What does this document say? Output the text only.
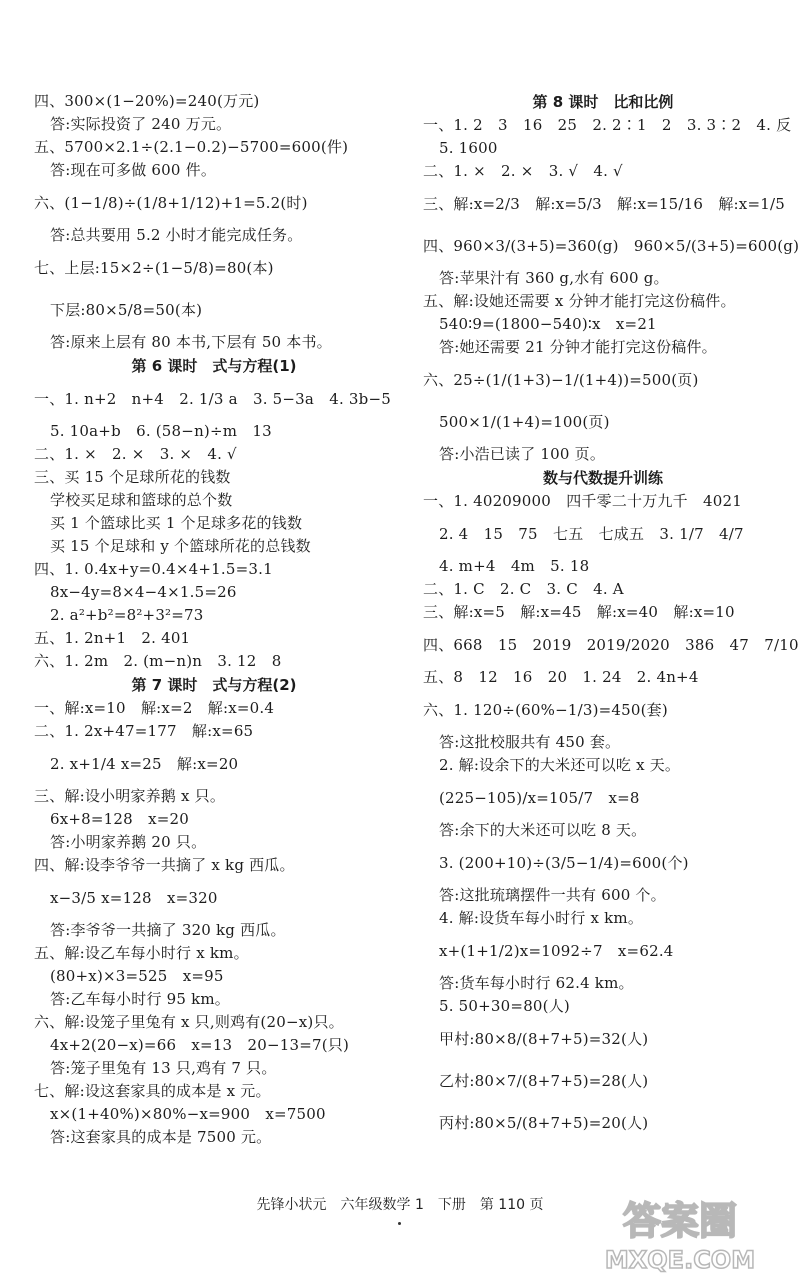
四、300×(1−20%)=240(万元)
答:实际投资了 240 万元。
五、5700×2.1÷(2.1−0.2)−5700=600(件)
答:现在可多做 600 件。
六、(1−1/8)÷(1/8+1/12)+1=5.2(时)
答:总共要用 5.2 小时才能完成任务。
七、上层:15×2÷(1−5/8)=80(本)
下层:80×5/8=50(本)
答:原来上层有 80 本书,下层有 50 本书。
第 6 课时　式与方程(1)
一、1. n+2　n+4　2. 1/3 a　3. 5−3a　4. 3b−5
5. 10a+b　6. (58−n)÷m　13
二、1. ×　2. ×　3. ×　4. √
三、买 15 个足球所花的钱数
学校买足球和篮球的总个数
买 1 个篮球比买 1 个足球多花的钱数
买 15 个足球和 y 个篮球所花的总钱数
四、1. 0.4x+y=0.4×4+1.5=3.1
8x−4y=8×4−4×1.5=26
2. a²+b²=8²+3²=73
五、1. 2n+1　2. 401
六、1. 2m　2. (m−n)n　3. 12　8
第 7 课时　式与方程(2)
一、解:x=10　解:x=2　解:x=0.4
二、1. 2x+47=177　解:x=65
2. x+1/4 x=25　解:x=20
三、解:设小明家养鹅 x 只。
6x+8=128　x=20
答:小明家养鹅 20 只。
四、解:设李爷爷一共摘了 x kg 西瓜。
x−3/5 x=128　x=320
答:李爷爷一共摘了 320 kg 西瓜。
五、解:设乙车每小时行 x km。
(80+x)×3=525　x=95
答:乙车每小时行 95 km。
六、解:设笼子里兔有 x 只,则鸡有(20−x)只。
4x+2(20−x)=66　x=13　20−13=7(只)
答:笼子里兔有 13 只,鸡有 7 只。
七、解:设这套家具的成本是 x 元。
x×(1+40%)×80%−x=900　x=7500
答:这套家具的成本是 7500 元。
第 8 课时　比和比例
一、1. 2　3　16　25　2. 2∶1　2　3. 3∶2　4. 反
5. 1600
二、1. ×　2. ×　3. √　4. √
三、解:x=2/3　解:x=5/3　解:x=15/16　解:x=1/5
四、960×3/(3+5)=360(g)　960×5/(3+5)=600(g)
答:苹果汁有 360 g,水有 600 g。
五、解:设她还需要 x 分钟才能打完这份稿件。
540∶9=(1800−540)∶x　x=21
答:她还需要 21 分钟才能打完这份稿件。
六、25÷(1/(1+3)−1/(1+4))=500(页)
500×1/(1+4)=100(页)
答:小浩已读了 100 页。
数与代数提升训练
一、1. 40209000　四千零二十万九千　4021
2. 4　15　75　七五　七成五　3. 1/7　4/7
4. m+4　4m　5. 18
二、1. C　2. C　3. C　4. A
三、解:x=5　解:x=45　解:x=40　解:x=10
四、668　15　2019　2019/2020　386　47　7/10
五、8　12　16　20　1. 24　2. 4n+4
六、1. 120÷(60%−1/3)=450(套)
答:这批校服共有 450 套。
2. 解:设余下的大米还可以吃 x 天。
(225−105)/x=105/7　x=8
答:余下的大米还可以吃 8 天。
3. (200+10)÷(3/5−1/4)=600(个)
答:这批琉璃摆件一共有 600 个。
4. 解:设货车每小时行 x km。
x+(1+1/2)x=1092÷7　x=62.4
答:货车每小时行 62.4 km。
5. 50+30=80(人)
甲村:80×8/(8+7+5)=32(人)
乙村:80×7/(8+7+5)=28(人)
丙村:80×5/(8+7+5)=20(人)
先锋小状元　六年级数学 1　下册　第 110 页	答案圈
MXQE.COM
